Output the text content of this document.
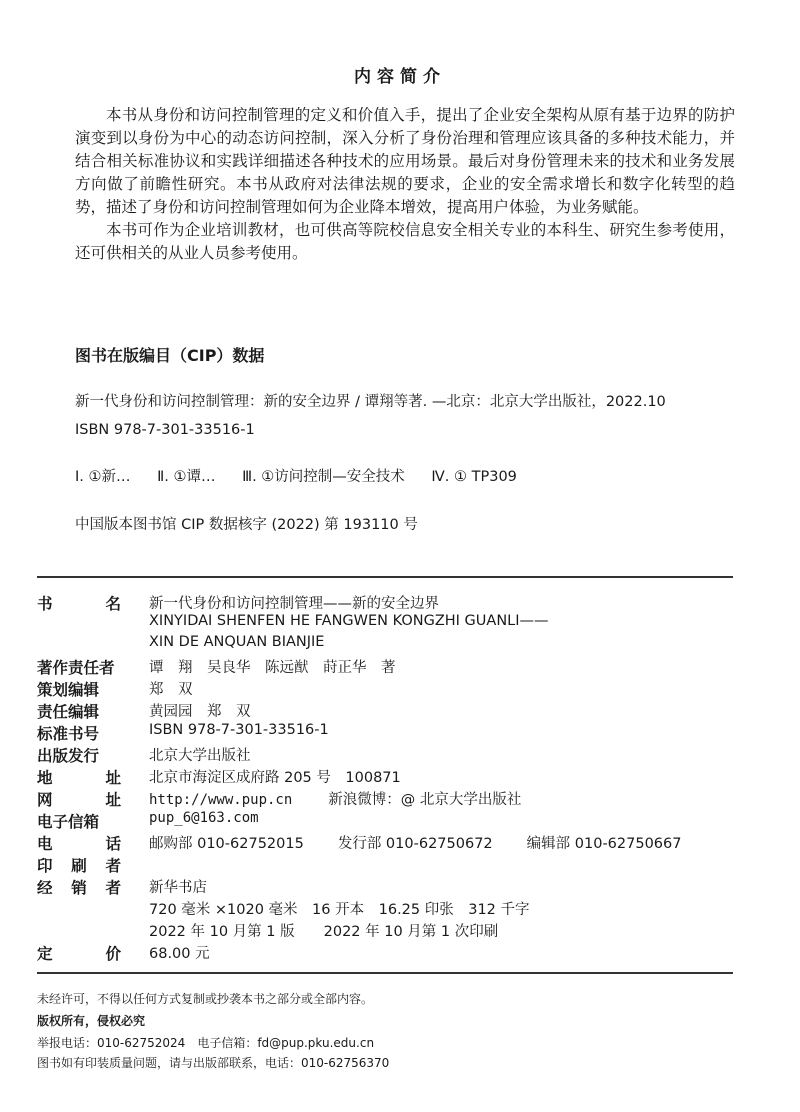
内容简介

本书从身份和访问控制管理的定义和价值入手，提出了企业安全架构从原有基于边界的防护演变到以身份为中心的动态访问控制，深入分析了身份治理和管理应该具备的多种技术能力，并结合相关标准协议和实践详细描述各种技术的应用场景。最后对身份管理未来的技术和业务发展方向做了前瞻性研究。本书从政府对法律法规的要求，企业的安全需求增长和数字化转型的趋势，描述了身份和访问控制管理如何为企业降本增效，提高用户体验，为业务赋能。

本书可作为企业培训教材，也可供高等院校信息安全相关专业的本科生、研究生参考使用，还可供相关的从业人员参考使用。

图书在版编目（CIP）数据
新一代身份和访问控制管理：新的安全边界 / 谭翔等著. —北京：北京大学出版社，2022.10
ISBN 978-7-301-33516-1
Ⅰ. ①新… Ⅱ. ①谭… Ⅲ. ①访问控制—安全技术 Ⅳ. ① TP309
中国版本图书馆 CIP 数据核字 (2022) 第 193110 号
书	名 新一代身份和访问控制管理——新的安全边界
XINYIDAI SHENFEN HE FANGWEN KONGZHI GUANLI——
XIN DE ANQUAN BIANJIE
著作责任者	谭　翔　吴良华　陈远猷　莳正华　著
策划编辑	郑　双
责任编辑	黄园园　郑　双
标准书号	ISBN 978-7-301-33516-1
出版发行	北京大学出版社
地	址 北京市海淀区成府路 205 号　100871
网	址 http://www.pup.cn 新浪微博：@ 北京大学出版社
电子信箱	pup_6@163.com
电	话 邮购部 010-62752015 发行部 010-62750672 编辑部 010-62750667
印 刷 者
经 销 者 新华书店
720 毫米 ×1020 毫米　16 开本　16.25 印张　312 千字
2022 年 10 月第 1 版　　2022 年 10 月第 1 次印刷
定	价 68.00 元
未经许可，不得以任何方式复制或抄袭本书之部分或全部内容。
版权所有，侵权必究
举报电话：010-62752024　电子信箱：fd@pup.pku.edu.cn
图书如有印装质量问题，请与出版部联系，电话：010-62756370
